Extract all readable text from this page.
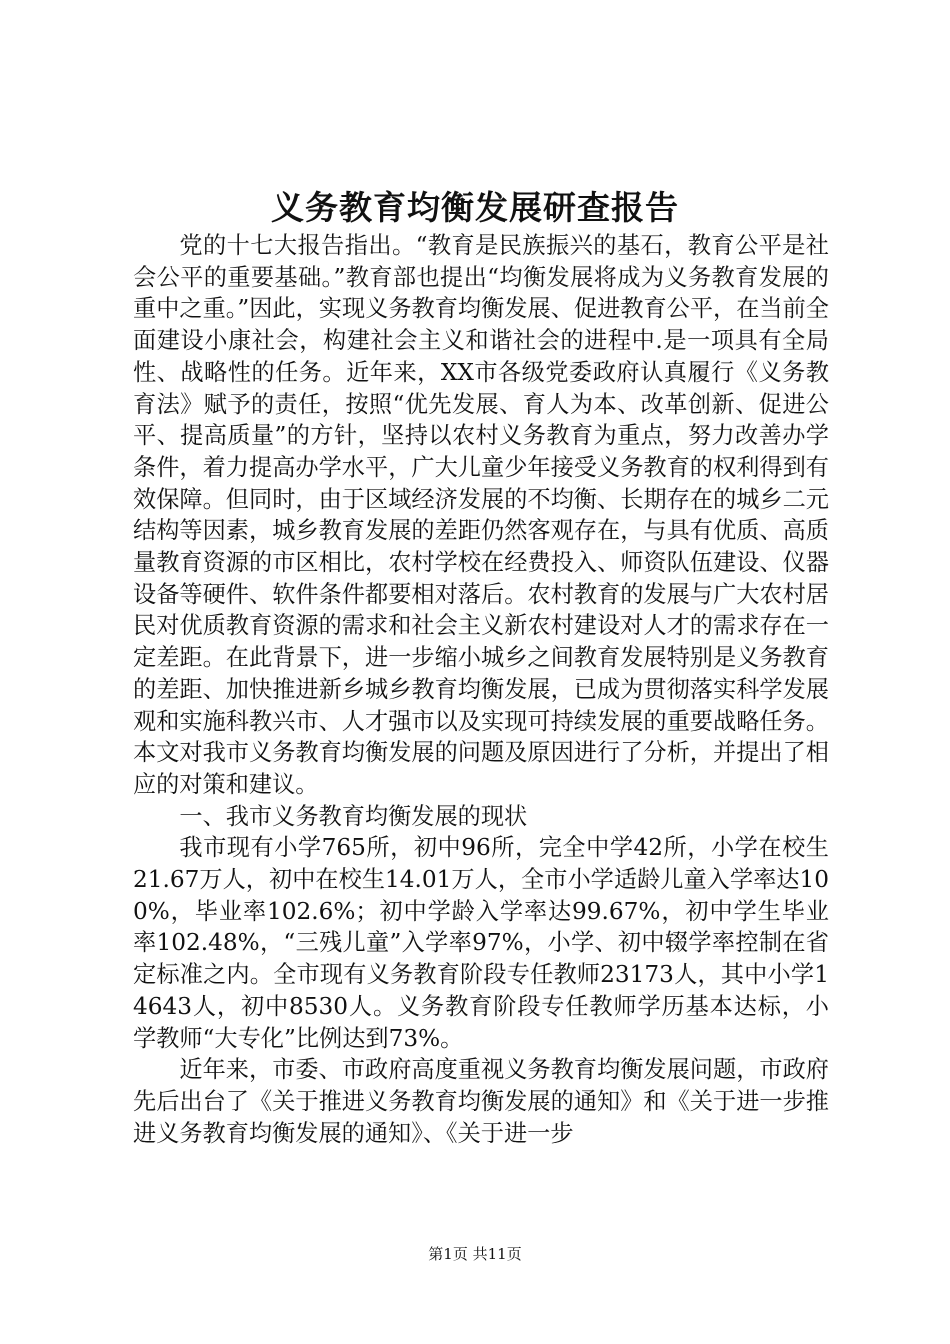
义务教育均衡发展研查报告

党的十七大报告指出。“教育是民族振兴的基石，教育公平是社会公平的重要基础。”教育部也提出“均衡发展将成为义务教育发展的重中之重。”因此，实现义务教育均衡发展、促进教育公平，在当前全面建设小康社会，构建社会主义和谐社会的进程中.是一项具有全局性、战略性的任务。近年来，XX市各级党委政府认真履行《义务教育法》赋予的责任，按照“优先发展、育人为本、改革创新、促进公平、提高质量”的方针，坚持以农村义务教育为重点，努力改善办学条件，着力提高办学水平，广大儿童少年接受义务教育的权利得到有效保障。但同时，由于区域经济发展的不均衡、长期存在的城乡二元结构等因素，城乡教育发展的差距仍然客观存在，与具有优质、高质量教育资源的市区相比，农村学校在经费投入、师资队伍建设、仪器设备等硬件、软件条件都要相对落后。农村教育的发展与广大农村居民对优质教育资源的需求和社会主义新农村建设对人才的需求存在一定差距。在此背景下，进一步缩小城乡之间教育发展特别是义务教育的差距、加快推进新乡城乡教育均衡发展，已成为贯彻落实科学发展观和实施科教兴市、人才强市以及实现可持续发展的重要战略任务。本文对我市义务教育均衡发展的问题及原因进行了分析，并提出了相应的对策和建议。

一、我市义务教育均衡发展的现状

我市现有小学765所，初中96所，完全中学42所，小学在校生21.67万人，初中在校生14.01万人，全市小学适龄儿童入学率达100%，毕业率102.6%；初中学龄入学率达99.67%，初中学生毕业率102.48%，“三残儿童”入学率97%，小学、初中辍学率控制在省定标准之内。全市现有义务教育阶段专任教师23173人，其中小学14643人，初中8530人。义务教育阶段专任教师学历基本达标，小学教师“大专化”比例达到73%。

近年来，市委、市政府高度重视义务教育均衡发展问题，市政府先后出台了《关于推进义务教育均衡发展的通知》和《关于进一步推进义务教育均衡发展的通知》、《关于进一步

第1页 共11页
